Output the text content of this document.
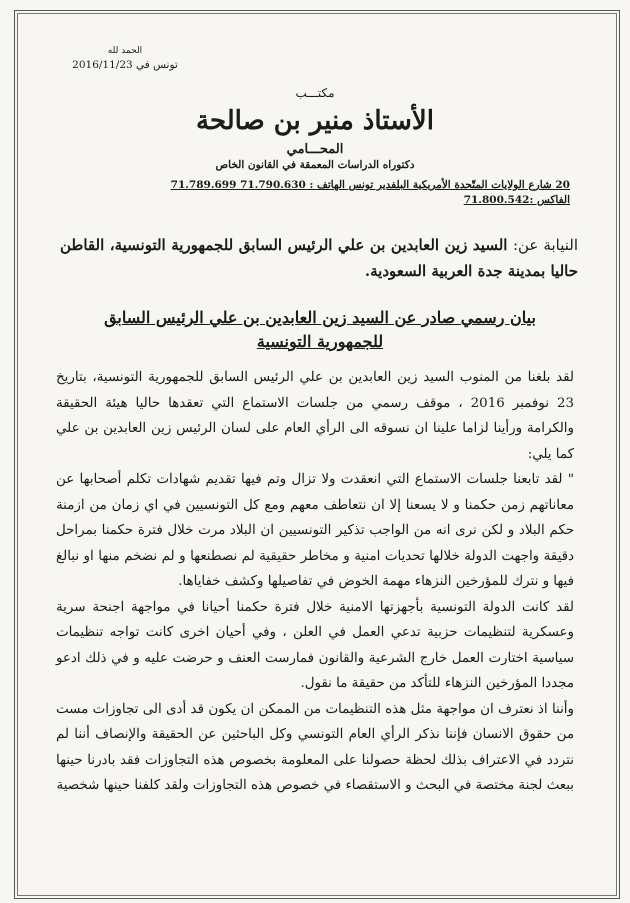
الحمد لله
تونس في 2016/11/23
مكتـــب
الأستاذ منير بن صالحة
المحـــامي
دكتوراه الدراسات المعمقة في القانون الخاص
20 شارع الولايات المتّحدة الأمريكية البلفدير تونس الهاتف : 71.790.630 71.789.699
الفاكس :71.800.542
النيابة عن: السيد زين العابدين بن علي الرئيس السابق للجمهورية التونسية، القاطن حاليا بمدينة جدة العربية السعودية.
بيان رسمي صادر عن السيد زين العابدين بن علي الرئيس السابق للجمهورية التونسية

لقد بلغنا من المنوب السيد زين العابدين بن علي الرئيس السابق للجمهورية التونسية، بتاريخ 23 نوفمبر 2016 ، موقف رسمي من جلسات الاستماع التي تعقدها حاليا هيئة الحقيقة والكرامة ورأينا لزاما علينا ان نسوقه الى الرأي العام على لسان الرئيس زين العابدين بن علي كما يلي:

" لقد تابعنا جلسات الاستماع التي انعقدت ولا تزال وتم فيها تقديم شهادات تكلم أصحابها عن معاناتهم زمن حكمنا و لا يسعنا إلا ان نتعاطف معهم ومع كل التونسيين في اي زمان من ازمنة حكم البلاد و لكن نرى انه من الواجب تذكير التونسيين ان البلاد مرت خلال فترة حكمنا بمراحل دقيقة واجهت الدولة خلالها تحديات امنية و مخاطر حقيقية لم نصطنعها و لم نضخم منها او نبالغ فيها و نترك للمؤرخين النزهاء مهمة الخوض في تفاصيلها وكشف خفاياها.

لقد كانت الدولة التونسية بأجهزتها الامنية خلال فترة حكمنا أحيانا في مواجهة اجنحة سرية وعسكرية لتنظيمات حزبية تدعي العمل في العلن ، وفي أحيان اخرى كانت تواجه تنظيمات سياسية اختارت العمل خارج الشرعية والقانون فمارست العنف و حرضت عليه و في ذلك ادعو مجددا المؤرخين النزهاء للتأكد من حقيقة ما نقول.

وأننا اذ نعترف ان مواجهة مثل هذه التنظيمات من الممكن ان يكون قد أدى الى تجاوزات مست من حقوق الانسان فإننا نذكر الرأي العام التونسي وكل الباحثين عن الحقيقة والإنصاف أننا لم نتردد في الاعتراف بذلك لحظة حصولنا على المعلومة بخصوص هذه التجاوزات فقد بادرنا حينها ببعث لجنة مختصة في البحث و الاستقصاء في خصوص هذه التجاوزات ولقد كلفنا حينها شخصية
